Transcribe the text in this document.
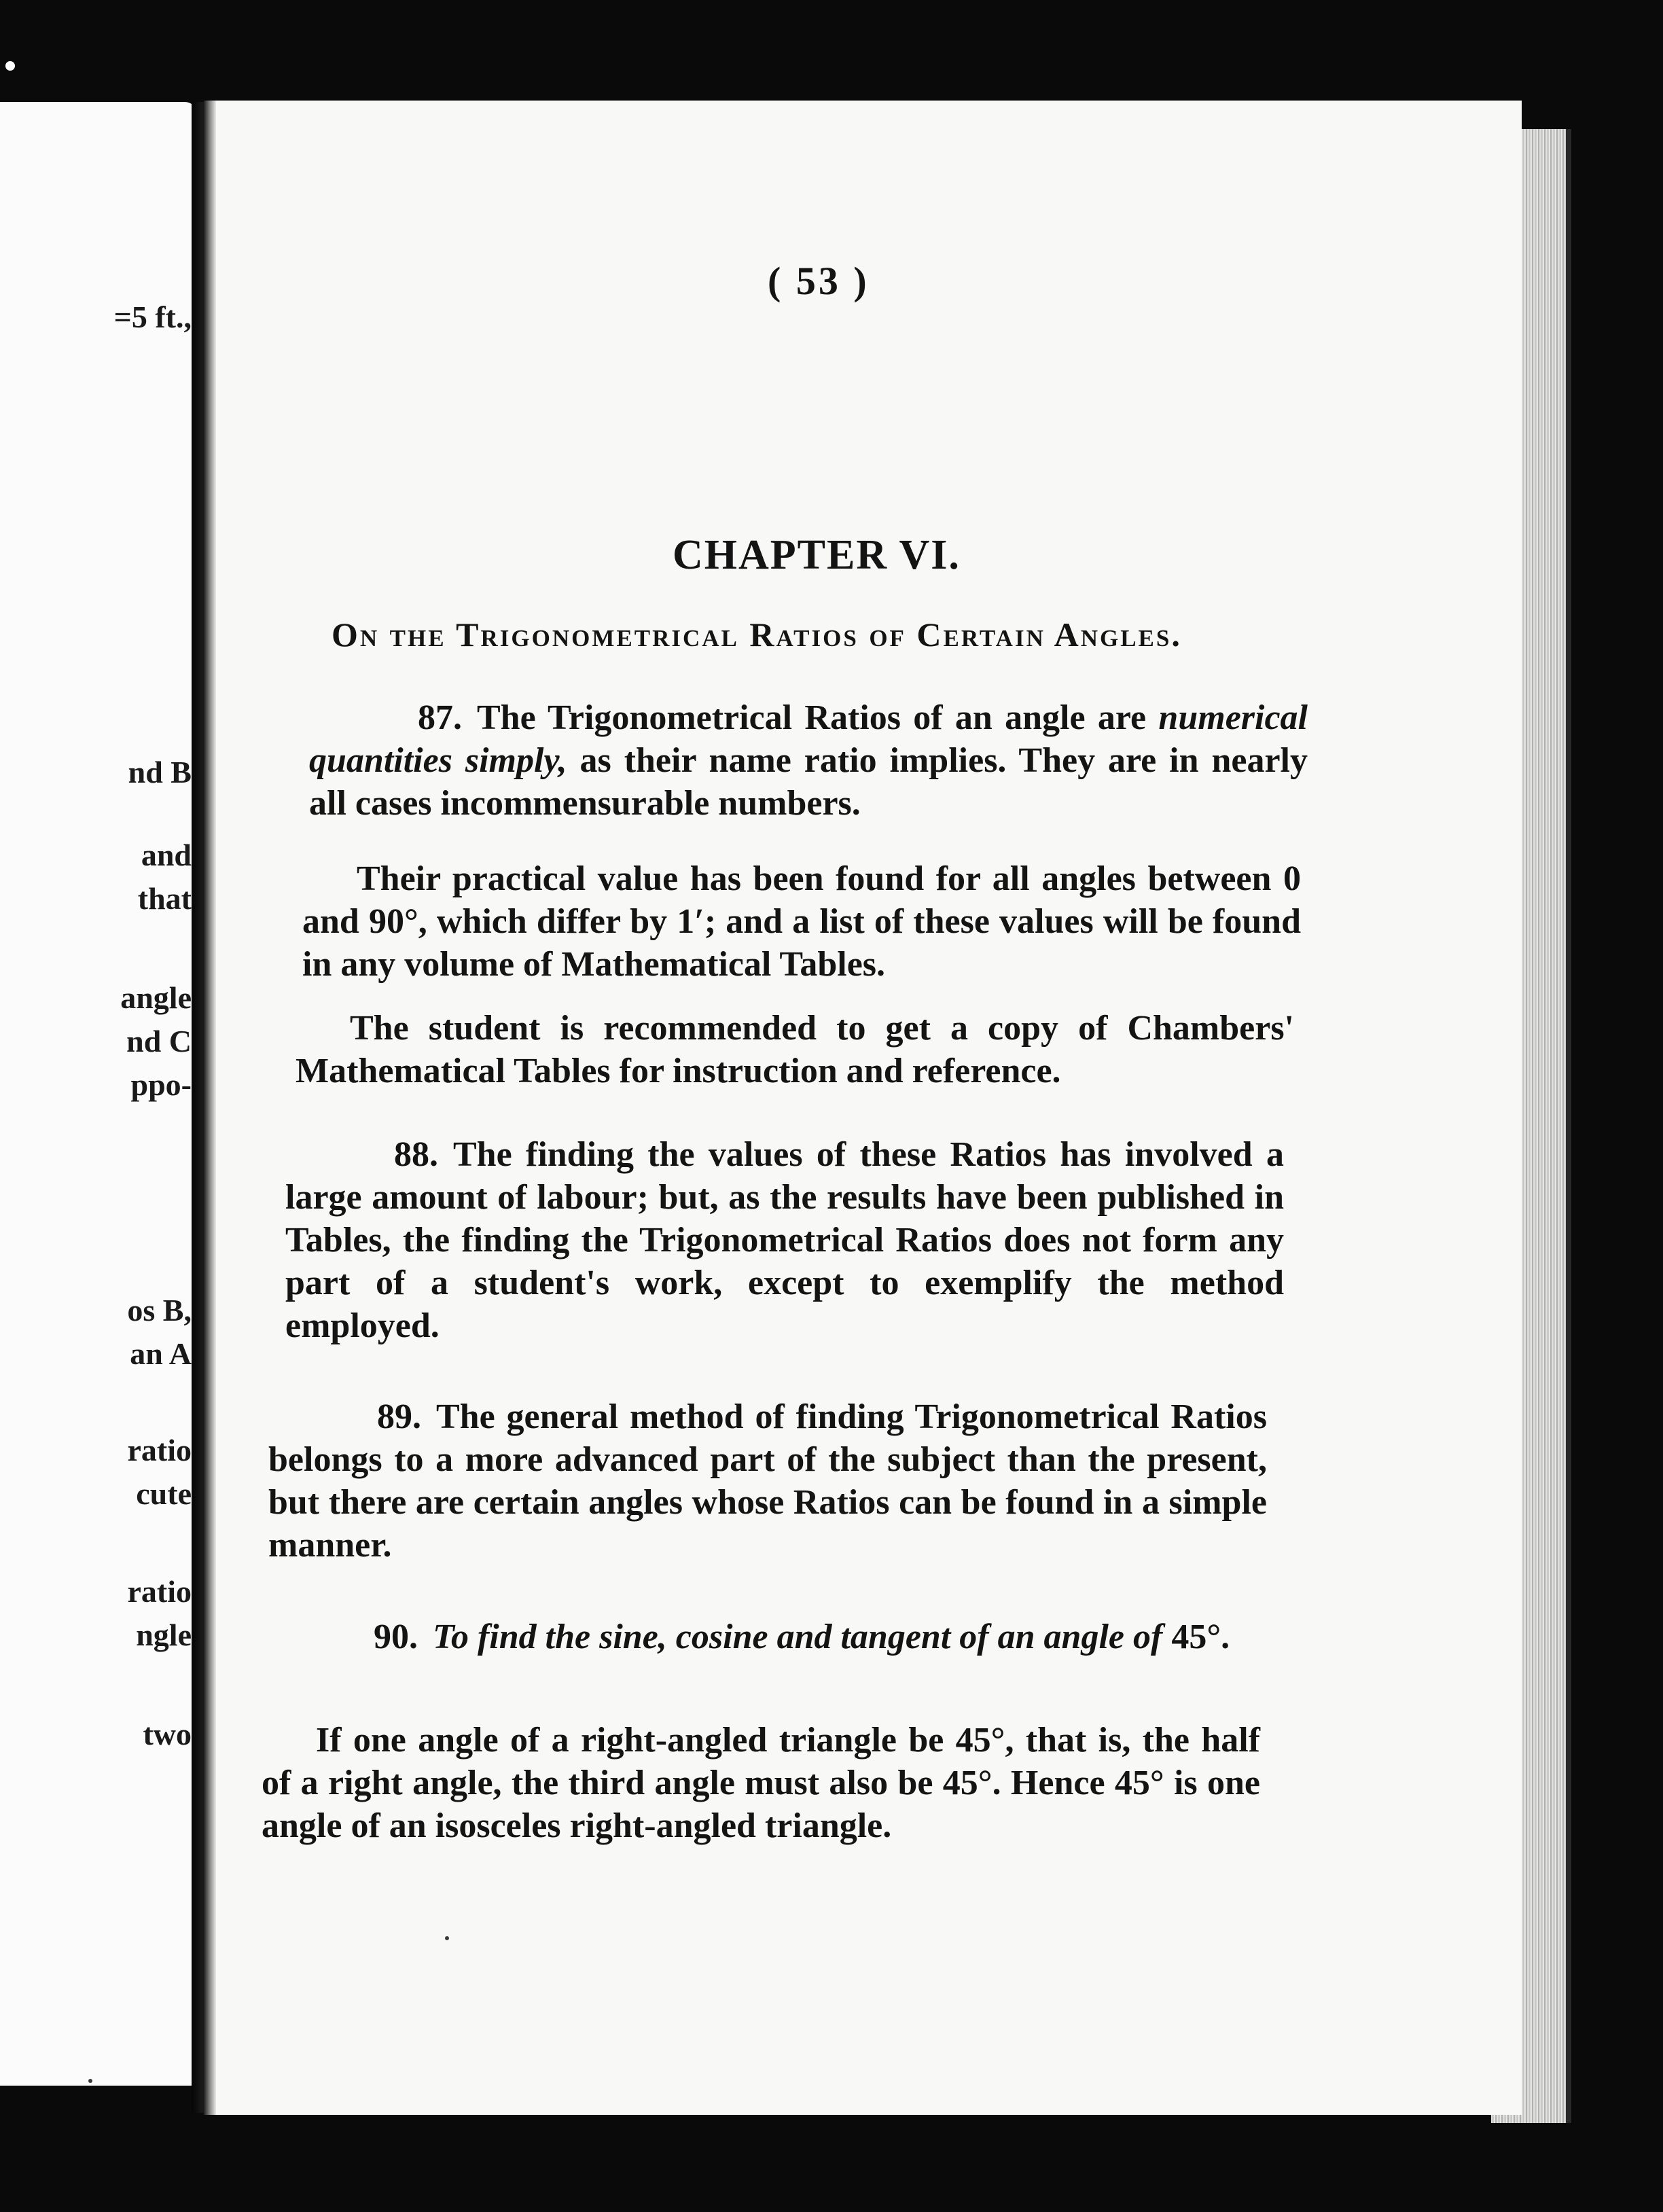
=5 ft.,
nd B
and
that
angle
nd C
ppo-
os B,
an A
ratio
cute
ratio
ngle
two
( 53 )
CHAPTER VI.
On the Trigonometrical Ratios of Certain Angles.
87. The Trigonometrical Ratios of an angle are numerical quantities simply, as their name ratio implies. They are in nearly all cases incommensurable numbers.
Their practical value has been found for all angles between 0 and 90°, which differ by 1′; and a list of these values will be found in any volume of Mathematical Tables.
The student is recommended to get a copy of Chambers' Mathematical Tables for instruction and reference.
88. The finding the values of these Ratios has involved a large amount of labour; but, as the results have been published in Tables, the finding the Trigonometrical Ratios does not form any part of a student's work, except to exemplify the method employed.
89. The general method of finding Trigonometrical Ratios belongs to a more advanced part of the subject than the present, but there are certain angles whose Ratios can be found in a simple manner.
90. To find the sine, cosine and tangent of an angle of 45°.
If one angle of a right-angled triangle be 45°, that is, the half of a right angle, the third angle must also be 45°. Hence 45° is one angle of an isosceles right-angled triangle.
